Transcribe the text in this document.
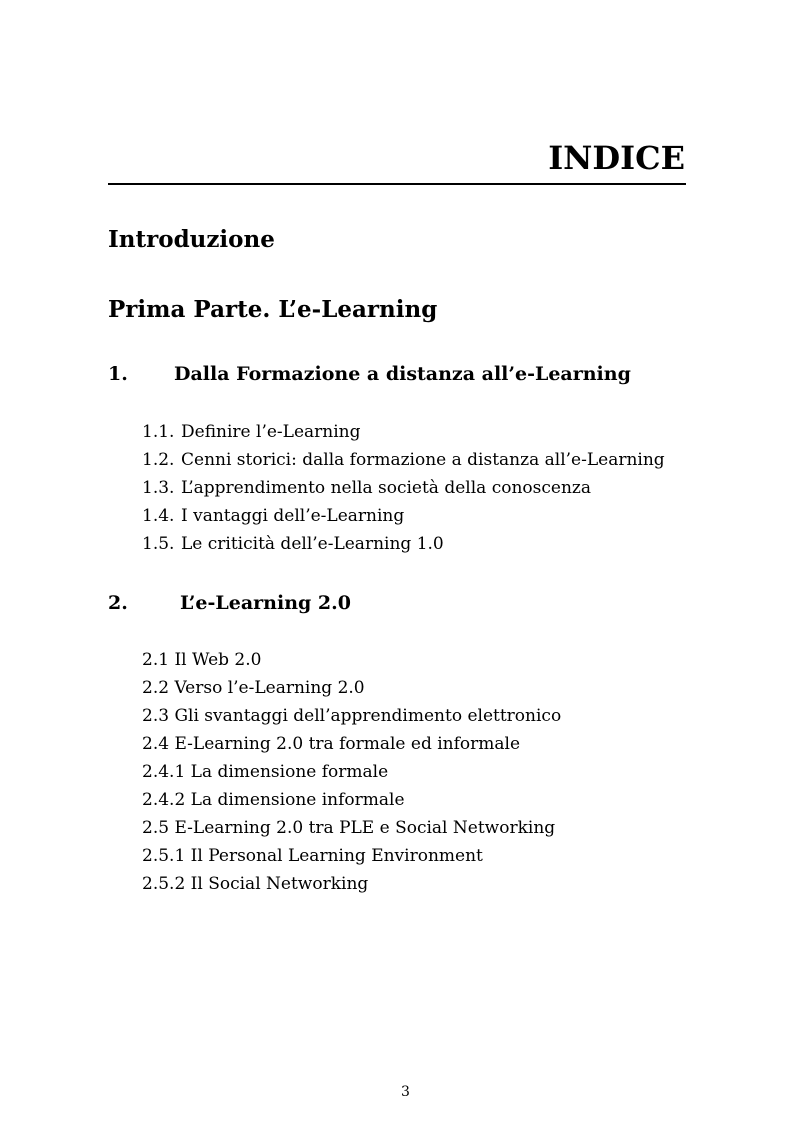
INDICE
Introduzione
Prima Parte. L’e-Learning
1. Dalla Formazione a distanza all’e-Learning
1.1. Definire l’e-Learning
1.2. Cenni storici: dalla formazione a distanza all’e-Learning
1.3. L’apprendimento nella società della conoscenza
1.4. I vantaggi dell’e-Learning
1.5. Le criticità dell’e-Learning 1.0
2.	L’e-Learning 2.0
2.1 Il Web 2.0
2.2 Verso l’e-Learning 2.0
2.3 Gli svantaggi dell’apprendimento elettronico
2.4 E-Learning 2.0 tra formale ed informale
2.4.1 La dimensione formale
2.4.2 La dimensione informale
2.5 E-Learning 2.0 tra PLE e Social Networking
2.5.1 Il Personal Learning Environment
2.5.2 Il Social Networking
3
